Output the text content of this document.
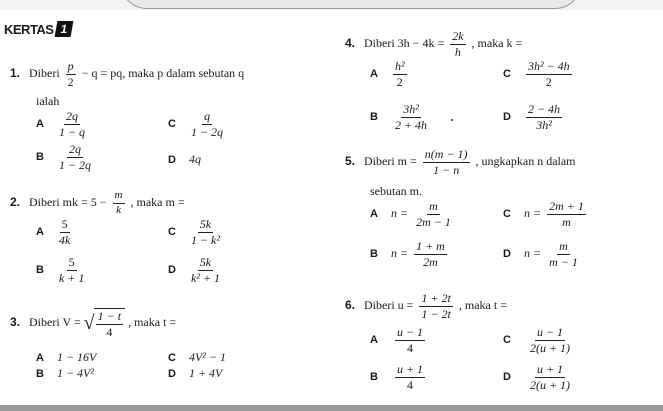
KERTAS 1
1. Diberi $\frac{p}{2} - q$ = pq, maka p dalam sebutan q
ialah
A $\frac{2q}{1 - q}$	C $\frac{q}{1 - 2q}$
B $\frac{2q}{1 - 2q}$	D 4q
2. Diberi mk = $5 - \frac{m}{k}$ , maka m =
A $\frac{5}{4k}$	C $\frac{5k}{\text{1 − k²}}$
B $\frac{5}{k + 1}$	D $\frac{5k}{\text{k² + 1}}$
3. Diberi V = √ $\frac{1 - t}{4}$ , maka t =
A 1 − 16V	C 4V² − 1
B 1 − 4V²	D 1 + 4V
4. Diberi $3h - 4k = \frac{2k}{h}$ , maka k =
A $\frac{\text{h²}}{2}$	C $\frac{\text{3h² − 4h}}{2}$
B $\frac{\text{3h²}}{2 + 4h}$	D $\frac{2 - 4h}{\text{3h²}}$
5. Diberi $m = \frac{n(m - 1)}{1 - n}$ , ungkapkan n dalam
sebutan m.
A $n = \frac{m}{2m - 1}$	C $n = \frac{2m + 1}{m}$
B $n = \frac{1 + m}{2m}$	D $n = \frac{m}{m - 1}$
6. Diberi $u = \frac{1 + 2t}{1 - 2t}$ , maka t =
A $\frac{u - 1}{4}$	C $\frac{u - 1}{2(u + 1)}$
B $\frac{u + 1}{4}$	D $\frac{u + 1}{2(u + 1)}$
